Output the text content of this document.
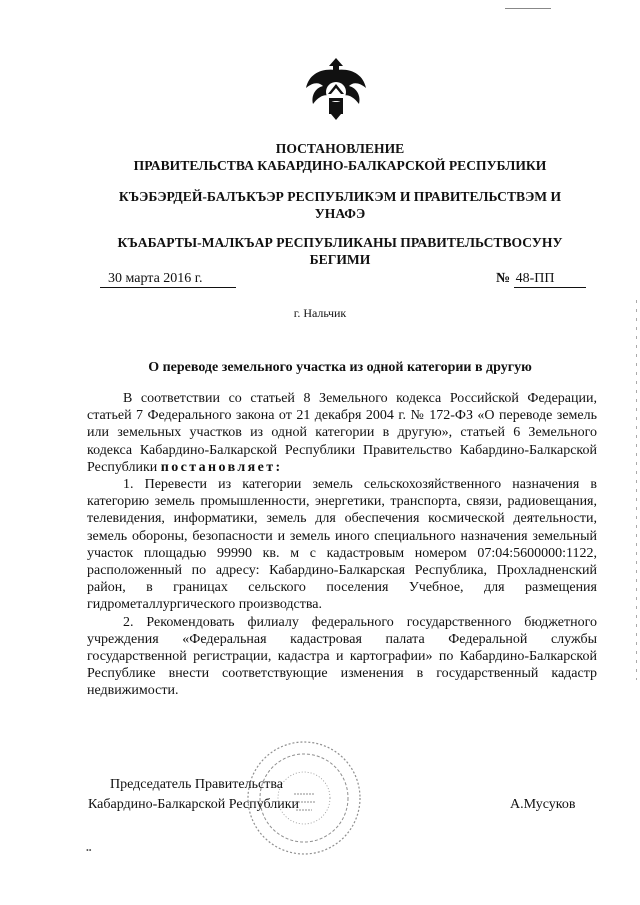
ПОСТАНОВЛЕНИЕ
ПРАВИТЕЛЬСТВА КАБАРДИНО-БАЛКАРСКОЙ РЕСПУБЛИКИ
КЪЭБЭРДЕЙ-БАЛЪКЪЭР РЕСПУБЛИКЭМ И ПРАВИТЕЛЬСТВЭМ И
УНАФЭ
КЪАБАРТЫ-МАЛКЪАР РЕСПУБЛИКАНЫ ПРАВИТЕЛЬСТВОСУНУ
БЕГИМИ
30 марта 2016 г.	№ 48-ПП
г. Нальчик
О переводе земельного участка из одной категории в другую

В соответствии со статьей 8 Земельного кодекса Российской Федерации, статьей 7 Федерального закона от 21 декабря 2004 г. № 172-ФЗ «О переводе земель или земельных участков из одной категории в другую», статьей 6 Земельного кодекса Кабардино-Балкарской Республики Правительство Кабардино-Балкарской Республики постановляет:

1. Перевести из категории земель сельскохозяйственного назначения в категорию земель промышленности, энергетики, транспорта, связи, радиовещания, телевидения, информатики, земель для обеспечения космической деятельности, земель обороны, безопасности и земель иного специального назначения земельный участок площадью 99990 кв. м с кадастровым номером 07:04:5600000:1122, расположенный по адресу: Кабардино-Балкарская Республика, Прохладненский район, в границах сельского поселения Учебное, для размещения гидрометаллургического производства.

2. Рекомендовать филиалу федерального государственного бюджетного учреждения «Федеральная кадастровая палата Федеральной службы государственной регистрации, кадастра и картографии» по Кабардино-Балкарской Республике внести соответствующие изменения в государственный кадастр недвижимости.

Председатель Правительства
Кабардино-Балкарской Республики	А.Мусуков
••
